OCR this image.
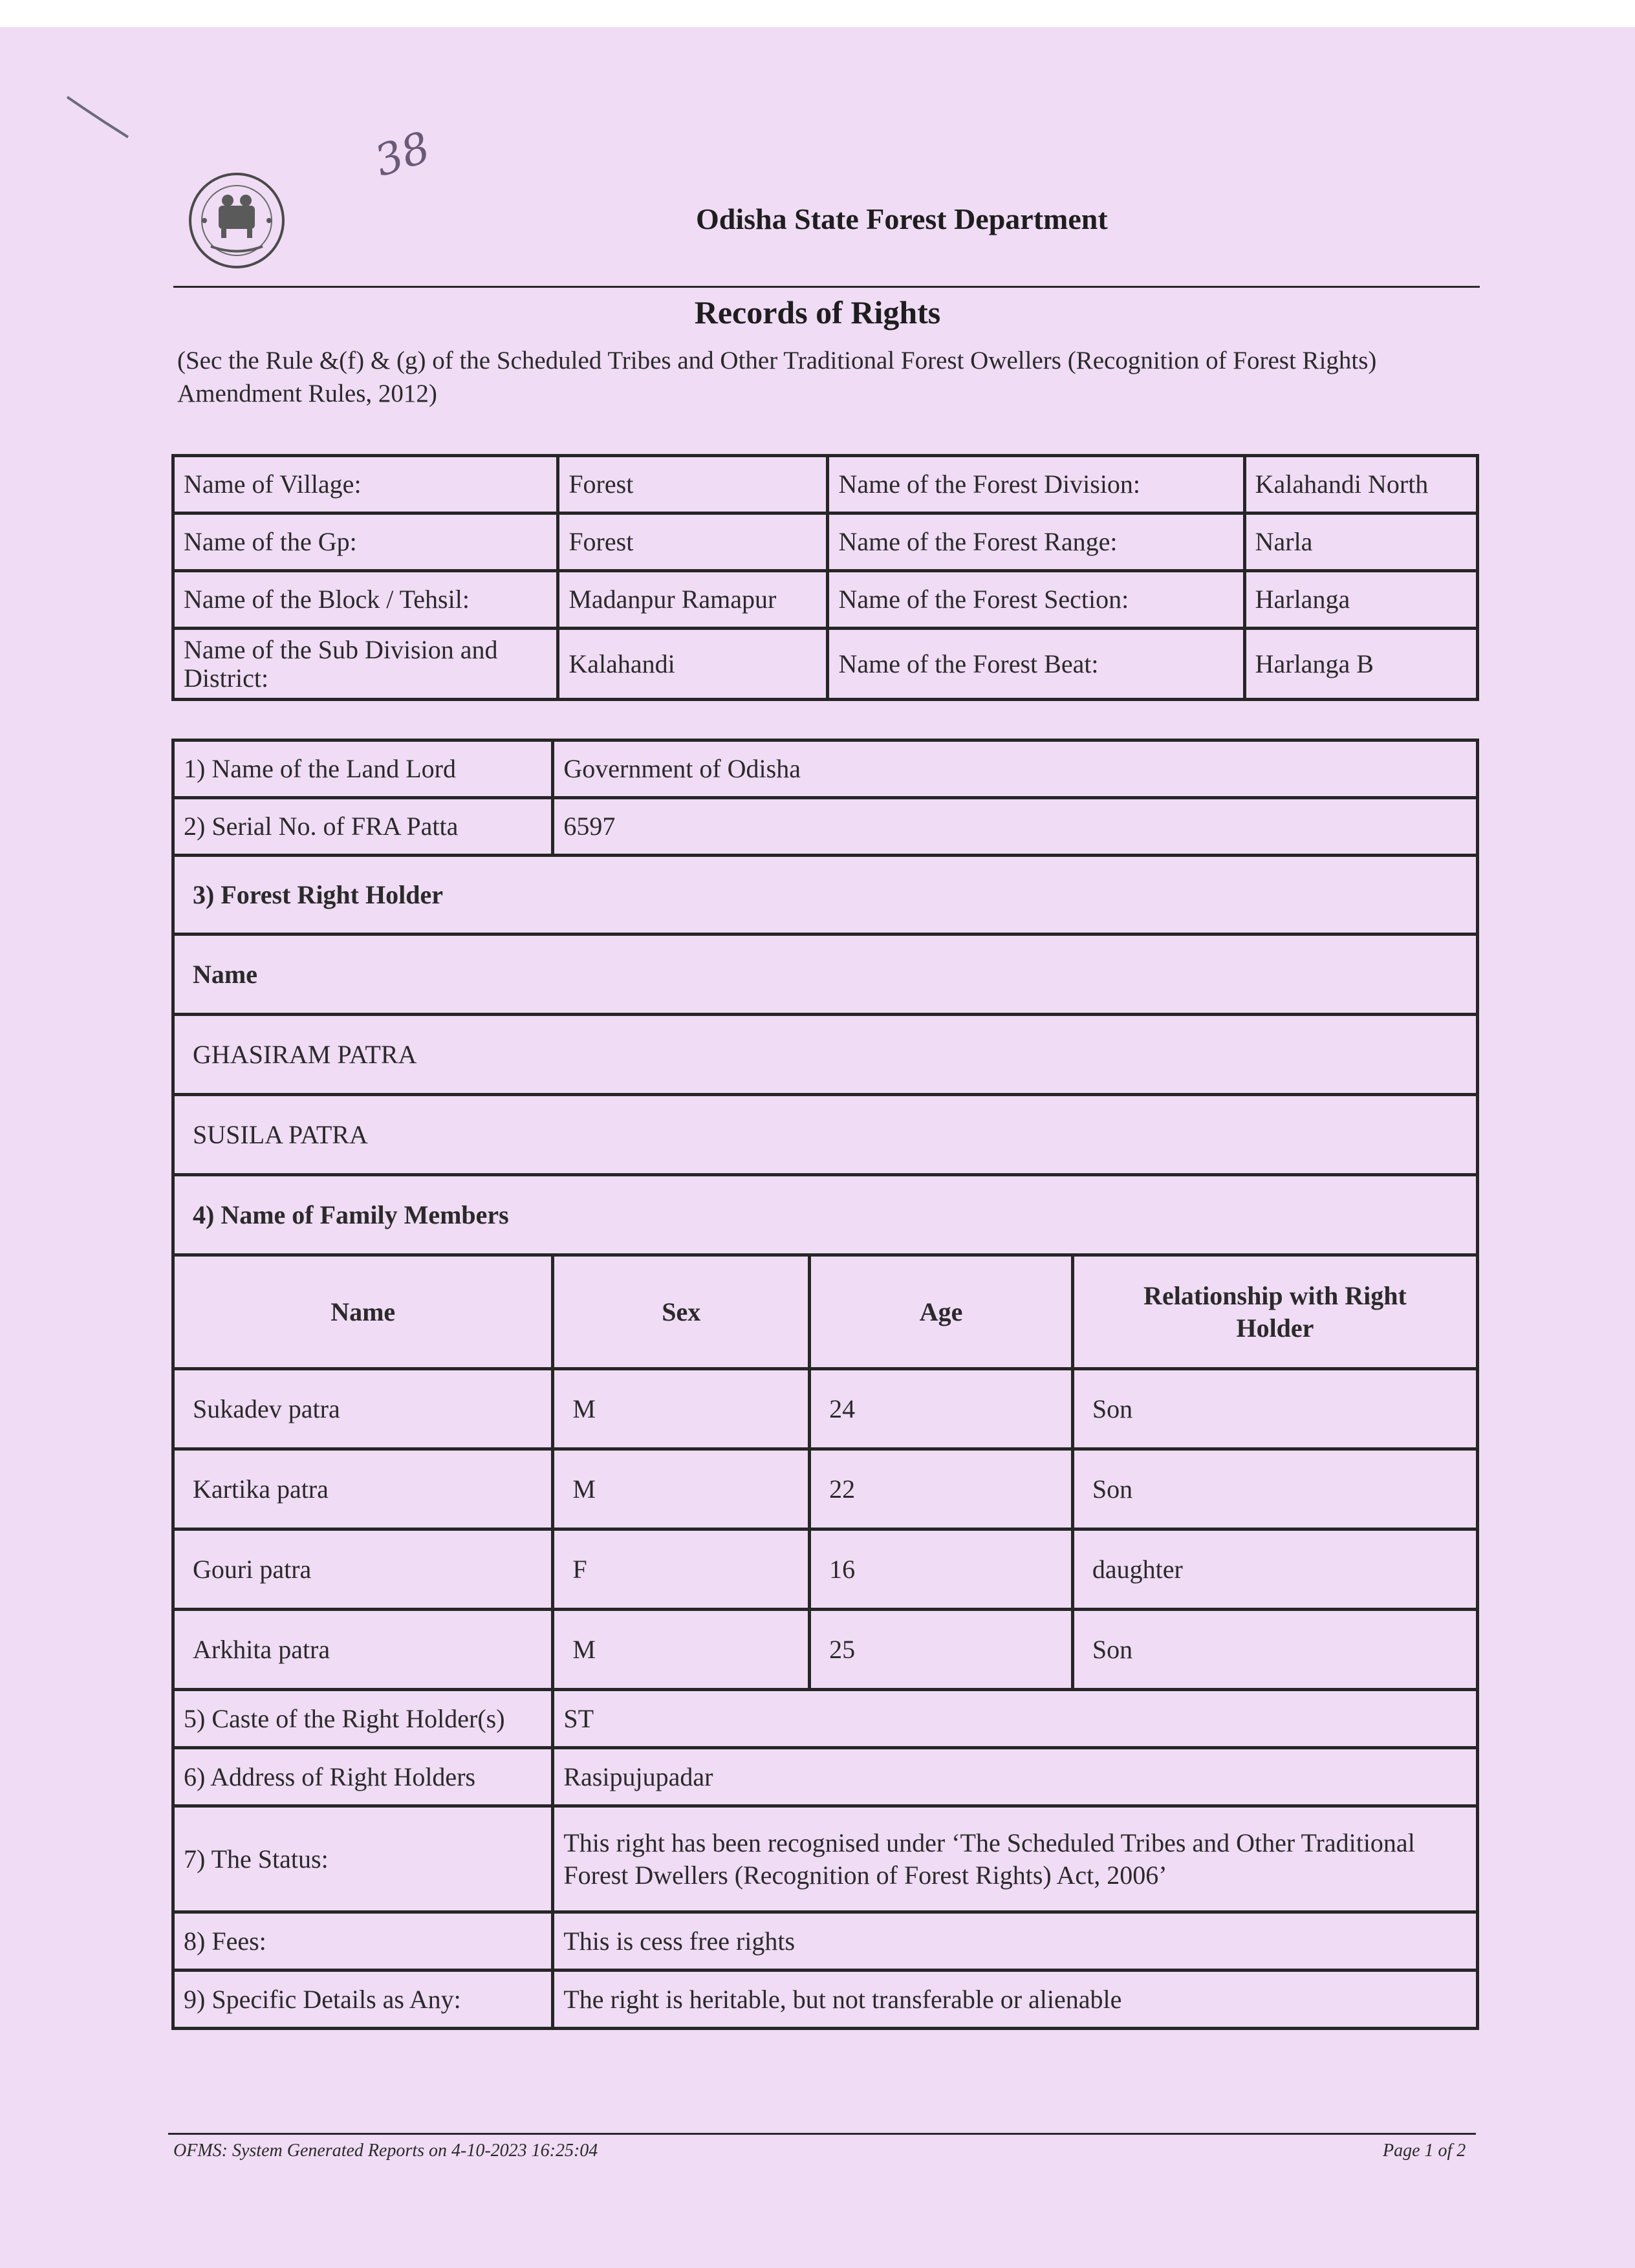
38
Odisha State Forest Department
Records of Rights
(Sec the Rule &(f) & (g) of the Scheduled Tribes and Other Traditional Forest Owellers (Recognition of Forest Rights) Amendment Rules, 2012)
Name of Village:	Forest	Name of the Forest Division:	Kalahandi North
Name of the Gp:	Forest	Name of the Forest Range:	Narla
Name of the Block / Tehsil:	Madanpur Ramapur	Name of the Forest Section:	Harlanga
Name of the Sub Division and District:	Kalahandi	Name of the Forest Beat:	Harlanga B
1) Name of the Land Lord	Government of Odisha		
2) Serial No. of FRA Patta	6597		
3) Forest Right Holder			
Name			
GHASIRAM PATRA			
SUSILA PATRA			
4) Name of Family Members			
Name	Sex	Age	Relationship with Right Holder
Sukadev patra	M	24	Son
Kartika patra	M	22	Son
Gouri patra	F	16	daughter
Arkhita patra	M	25	Son
5) Caste of the Right Holder(s)	ST		
6) Address of Right Holders	Rasipujupadar		
7) The Status:	This right has been recognised under ‘The Scheduled Tribes and Other Traditional
Forest Dwellers (Recognition of Forest Rights) Act, 2006’		

8) Fees:	This is cess free rights		
9) Specific Details as Any:	The right is heritable, but not transferable or alienable		
OFMS: System Generated Reports on 4-10-2023 16:25:04	Page 1 of 2
